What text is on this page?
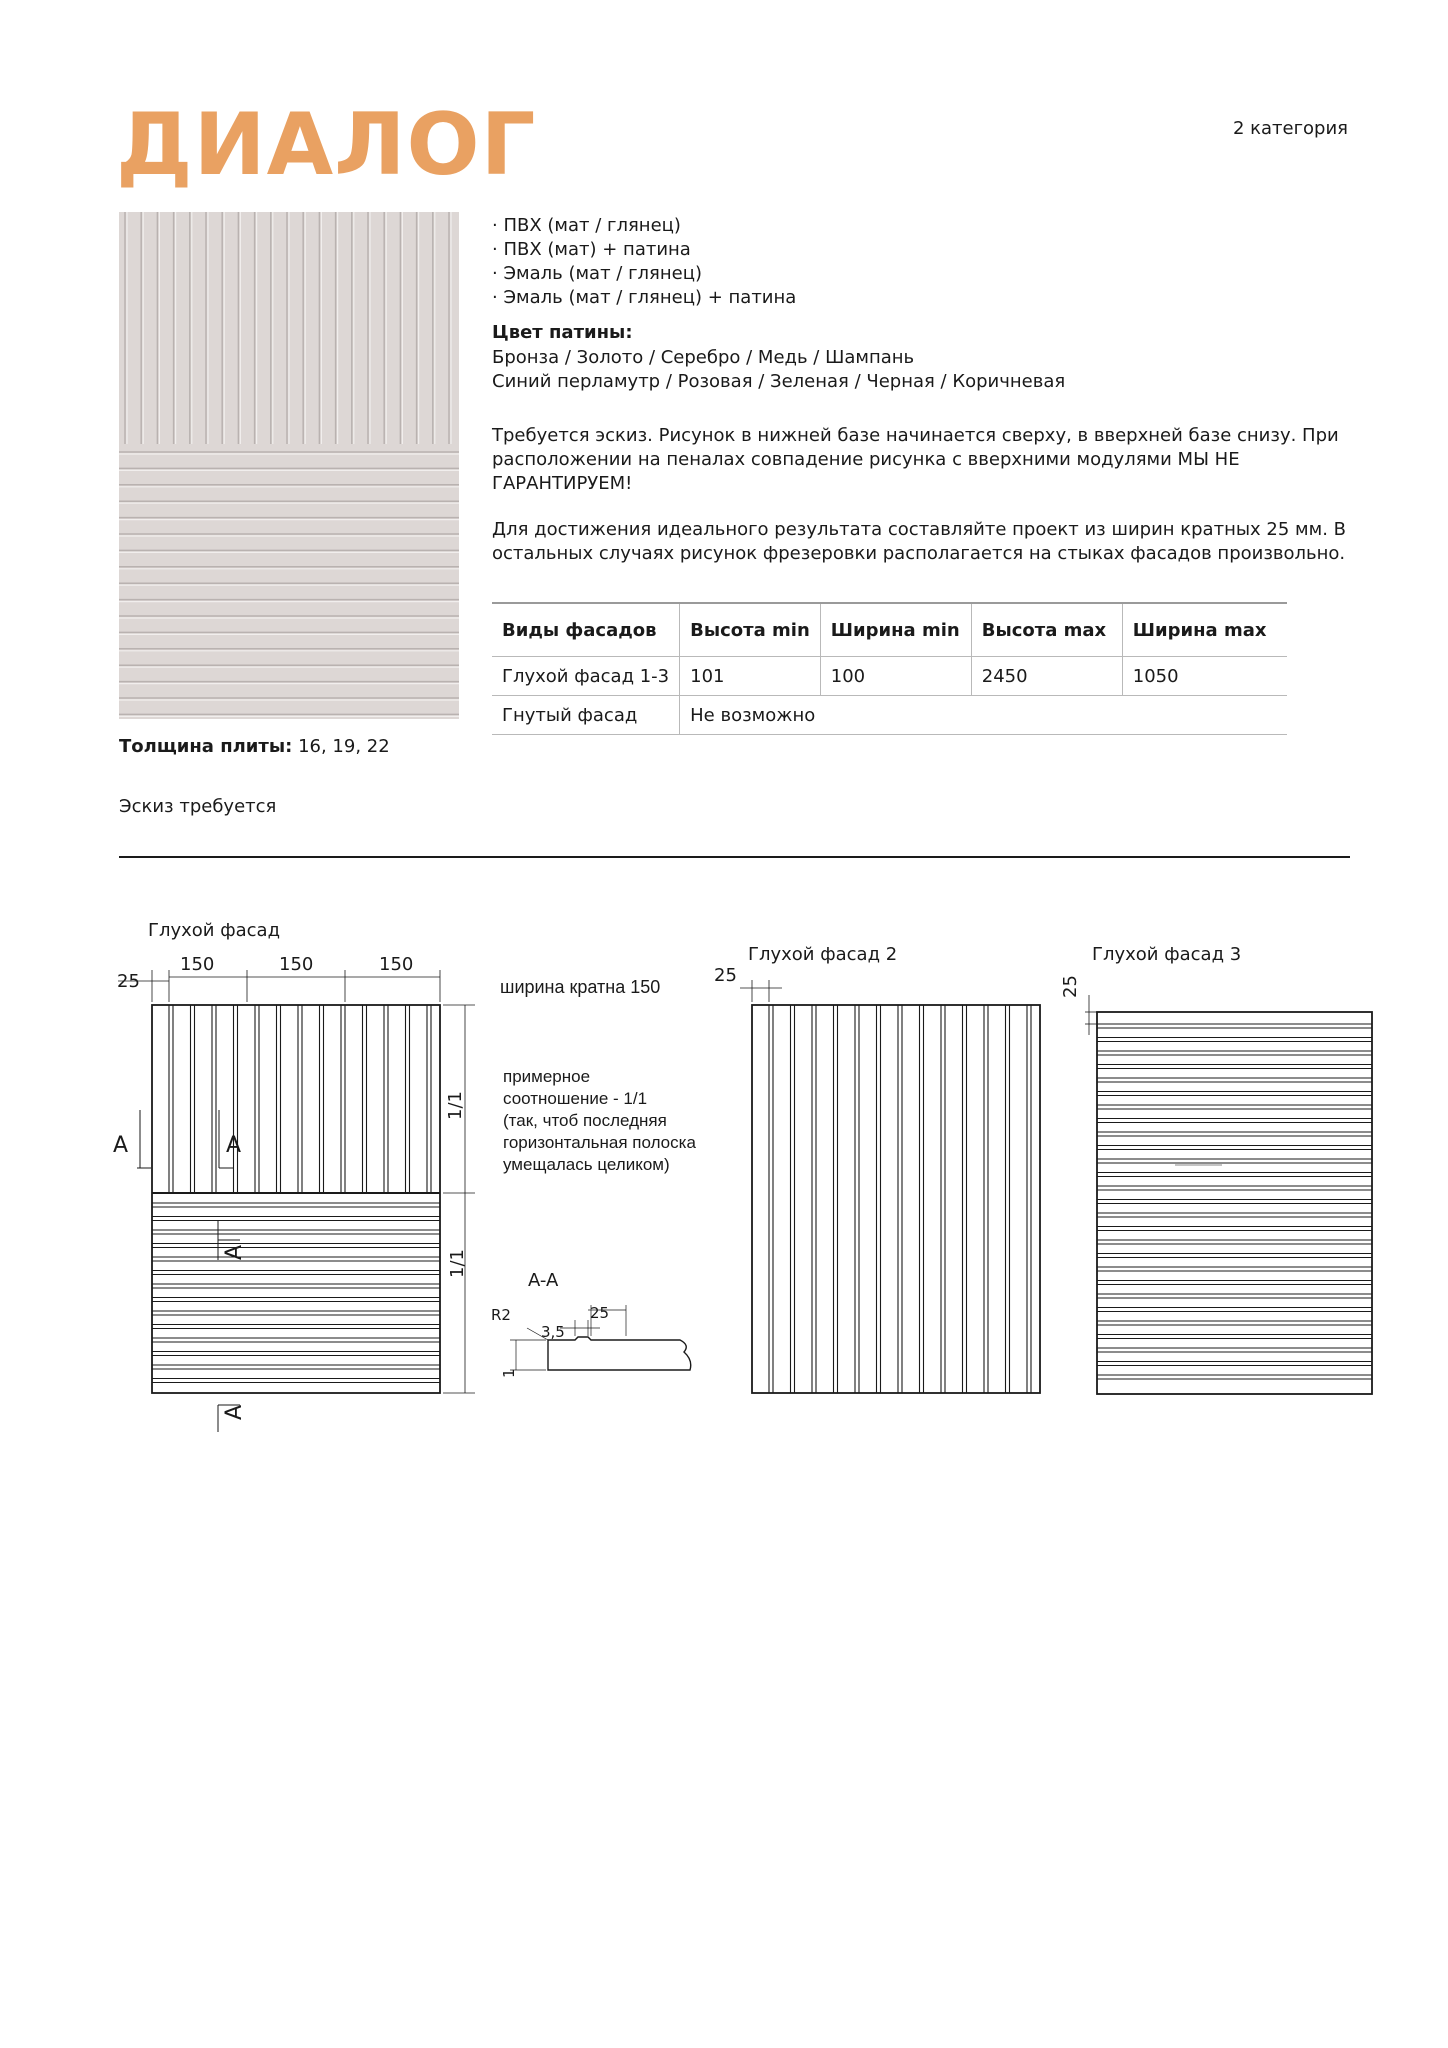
ДИАЛОГ	2 категория
· ПВХ (мат / глянец)
· ПВХ (мат) + патина
· Эмаль (мат / глянец)
· Эмаль (мат / глянец) + патина
Цвет патины:
Бронза / Золото / Серебро / Медь / Шампань
Синий перламутр / Розовая / Зеленая / Черная / Коричневая
Требуется эскиз. Рисунок в нижней базе начинается сверху, в вверхней базе снизу. При расположении на пеналах совпадение рисунка с вверхними модулями МЫ НЕ ГАРАНТИРУЕМ!
Для достижения идеального результата составляйте проект из ширин кратных 25 мм. В остальных случаях рисунок фрезеровки располагается на стыках фасадов произвольно.
Виды фасадов	Высота min	Ширина min	Высота max	Ширина max
Глухой фасад 1-3	101	100	2450	1050
Гнутый фасад	Не возможно			
Толщина плиты: 16, 19, 22
Эскиз требуется
Глухой фасад
25
150	150	150
ширина кратна 150
1/1
1/1
A	A
A
A
примерное
соотношение - 1/1
(так, чтоб последняя
горизонтальная полоска
умещалась целиком)
A-A
R2
3,5
25
1
Глухой фасад 2
25
Глухой фасад 3
25
